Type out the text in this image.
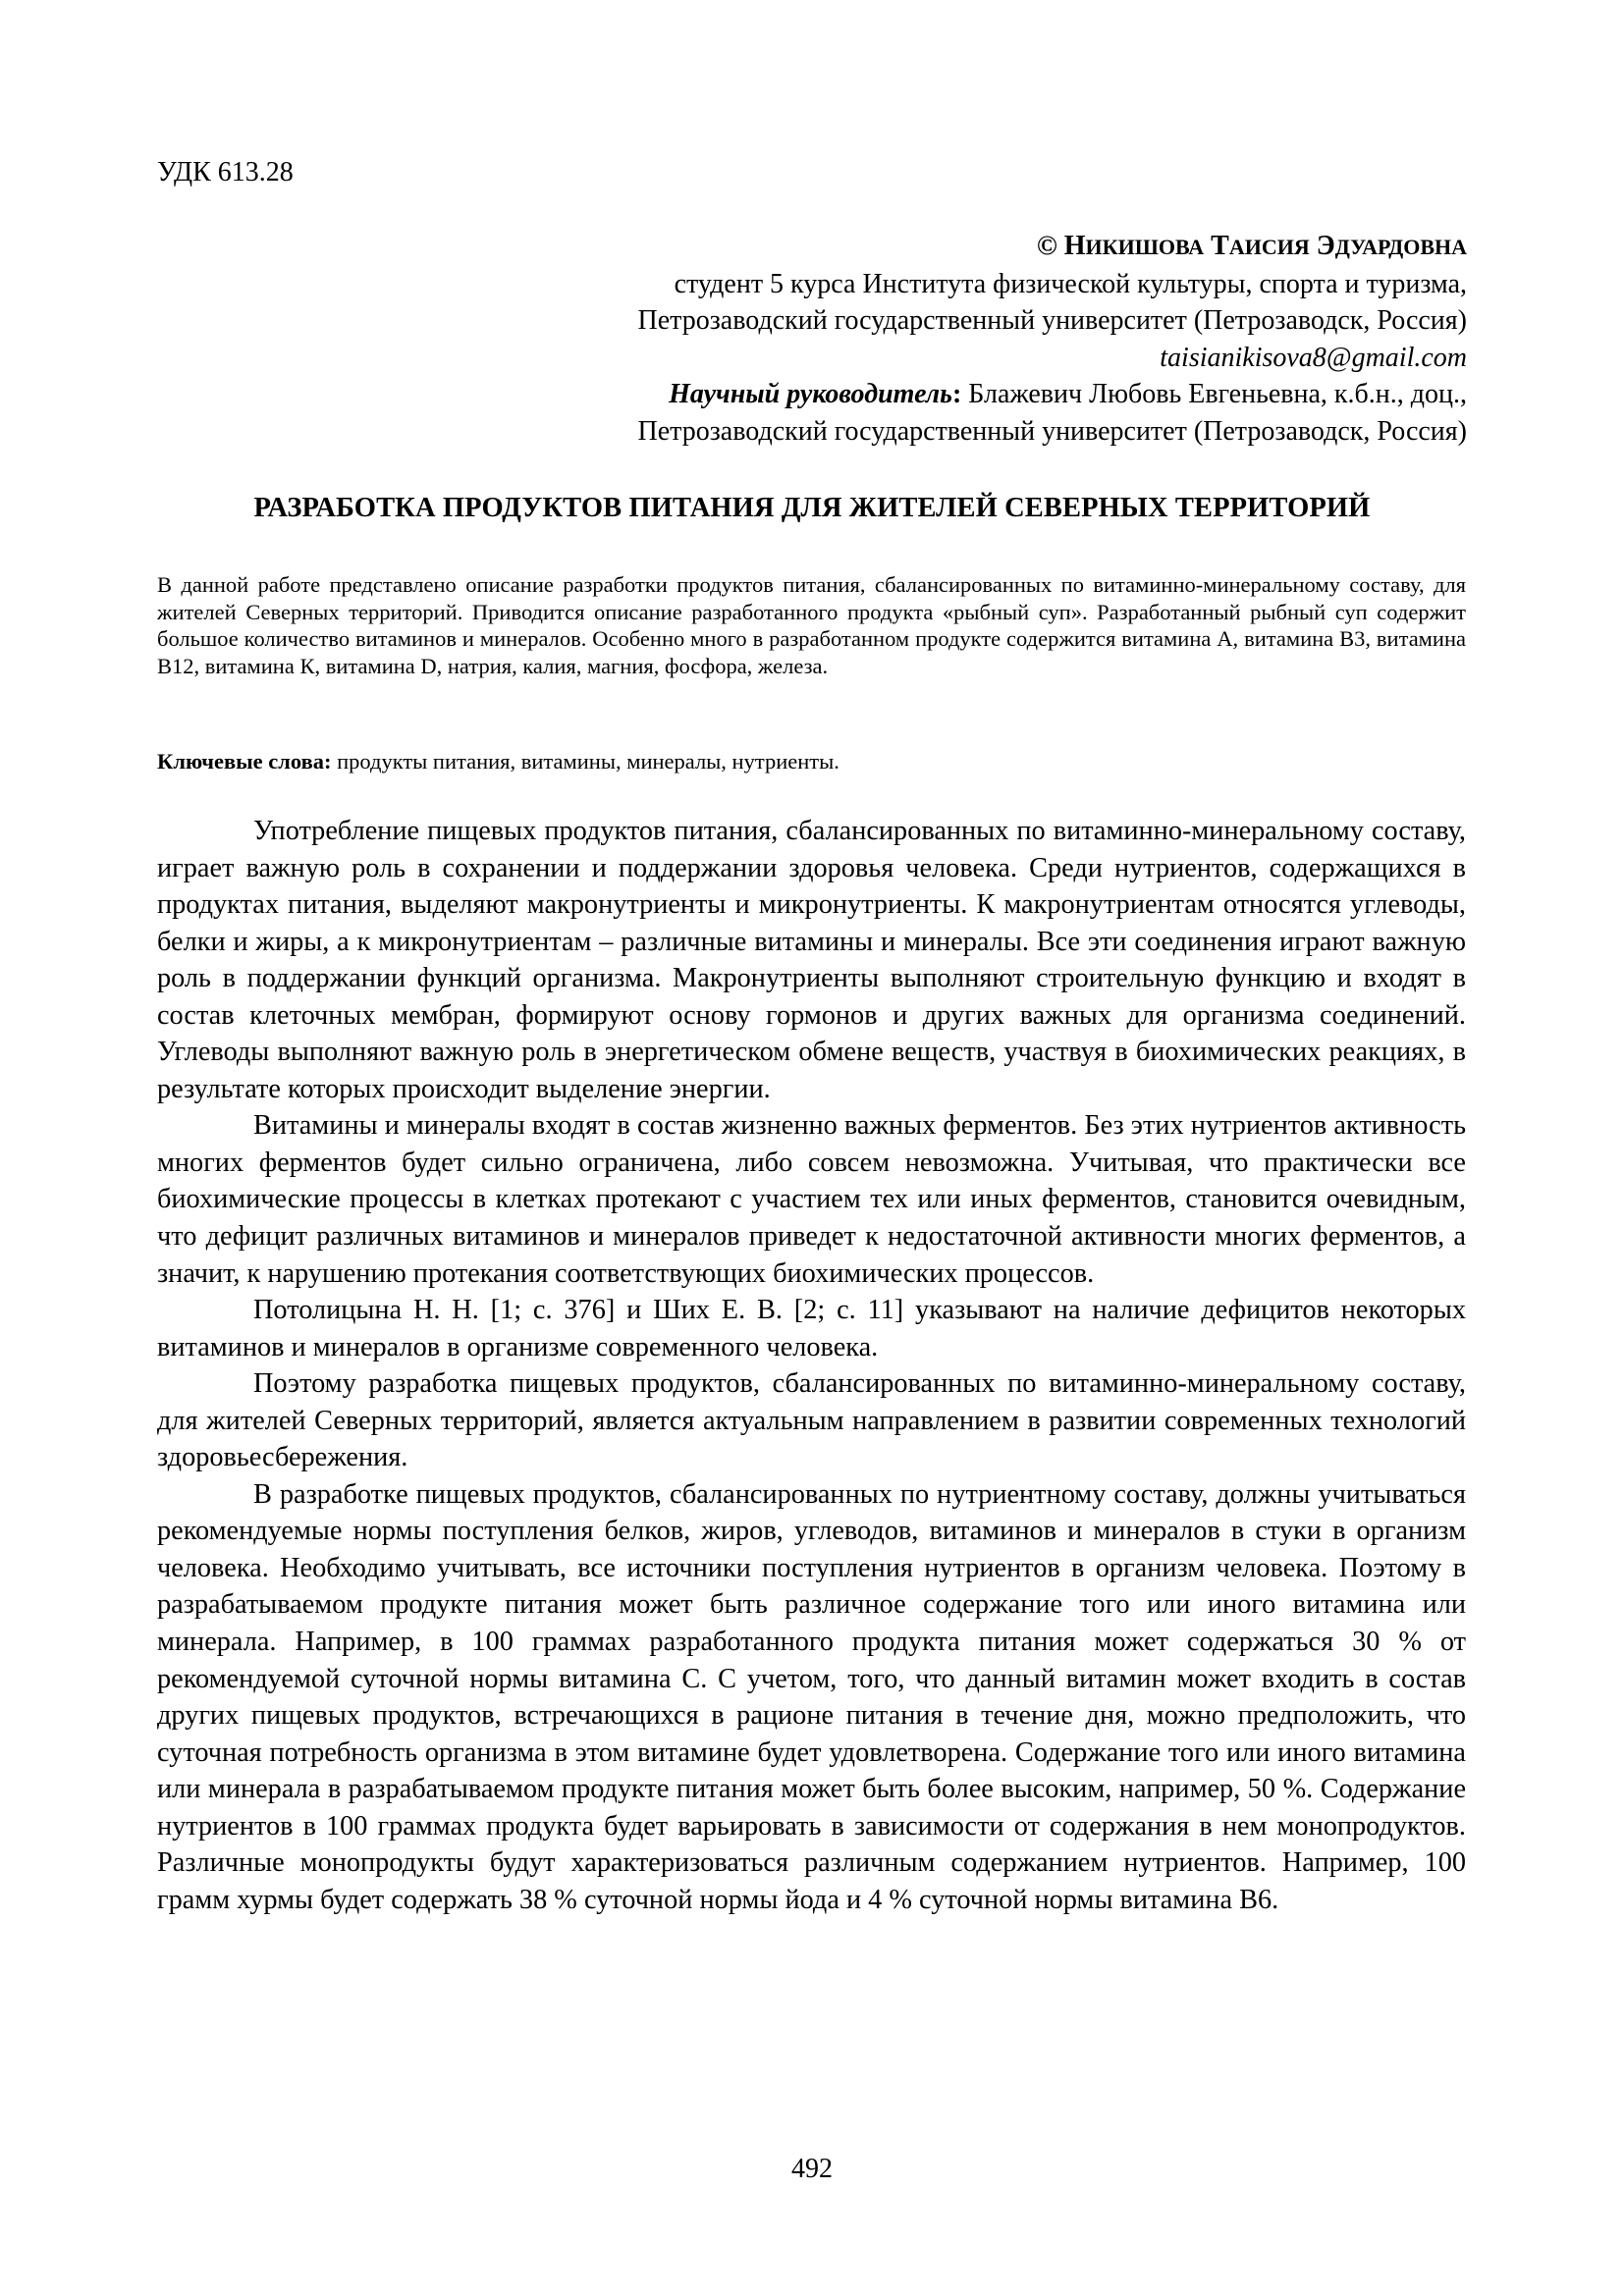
УДК 613.28
© НИКИШОВА ТАИСИЯ ЭДУАРДОВНА
студент 5 курса Института физической культуры, спорта и туризма,
Петрозаводский государственный университет (Петрозаводск, Россия)
taisianikisova8@gmail.com
Научный руководитель: Блажевич Любовь Евгеньевна, к.б.н., доц.,
Петрозаводский государственный университет (Петрозаводск, Россия)
РАЗРАБОТКА ПРОДУКТОВ ПИТАНИЯ ДЛЯ ЖИТЕЛЕЙ СЕВЕРНЫХ ТЕРРИТОРИЙ
В данной работе представлено описание разработки продуктов питания, сбалансированных по витаминно-минеральному составу, для жителей Северных территорий. Приводится описание разработанного продукта «рыбный суп». Разработанный рыбный суп содержит большое количество витаминов и минералов. Особенно много в разработанном продукте содержится витамина А, витамина В3, витамина В12, витамина К, витамина D, натрия, калия, магния, фосфора, железа.
Ключевые слова: продукты питания, витамины, минералы, нутриенты.

Употребление пищевых продуктов питания, сбалансированных по витаминно-минеральному составу, играет важную роль в сохранении и поддержании здоровья человека. Среди нутриентов, содержащихся в продуктах питания, выделяют макронутриенты и микронутриенты. К макронутриентам относятся углеводы, белки и жиры, а к микронутриентам – различные витамины и минералы. Все эти соединения играют важную роль в поддержании функций организма. Макронутриенты выполняют строительную функцию и входят в состав клеточных мембран, формируют основу гормонов и других важных для организма соединений. Углеводы выполняют важную роль в энергетическом обмене веществ, участвуя в биохимических реакциях, в результате которых происходит выделение энергии.

Витамины и минералы входят в состав жизненно важных ферментов. Без этих нутриентов активность многих ферментов будет сильно ограничена, либо совсем невозможна. Учитывая, что практически все биохимические процессы в клетках протекают с участием тех или иных ферментов, становится очевидным, что дефицит различных витаминов и минералов приведет к недостаточной активности многих ферментов, а значит, к нарушению протекания соответствующих биохимических процессов.

Потолицына Н. Н. [1; с. 376] и Ших Е. В. [2; с. 11] указывают на наличие дефицитов некоторых витаминов и минералов в организме современного человека.

Поэтому разработка пищевых продуктов, сбалансированных по витаминно-минеральному составу, для жителей Северных территорий, является актуальным направлением в развитии современных технологий здоровьесбережения.

В разработке пищевых продуктов, сбалансированных по нутриентному составу, должны учитываться рекомендуемые нормы поступления белков, жиров, углеводов, витаминов и минералов в стуки в организм человека. Необходимо учитывать, все источники поступления нутриентов в организм человека. Поэтому в разрабатываемом продукте питания может быть различное содержание того или иного витамина или минерала. Например, в 100 граммах разработанного продукта питания может содержаться 30 % от рекомендуемой суточной нормы витамина С. С учетом, того, что данный витамин может входить в состав других пищевых продуктов, встречающихся в рационе питания в течение дня, можно предположить, что суточная потребность организма в этом витамине будет удовлетворена. Содержание того или иного витамина или минерала в разрабатываемом продукте питания может быть более высоким, например, 50 %. Содержание нутриентов в 100 граммах продукта будет варьировать в зависимости от содержания в нем монопродуктов. Различные монопродукты будут характеризоваться различным содержанием нутриентов. Например, 100 грамм хурмы будет содержать 38 % суточной нормы йода и 4 % суточной нормы витамина В6.

492
